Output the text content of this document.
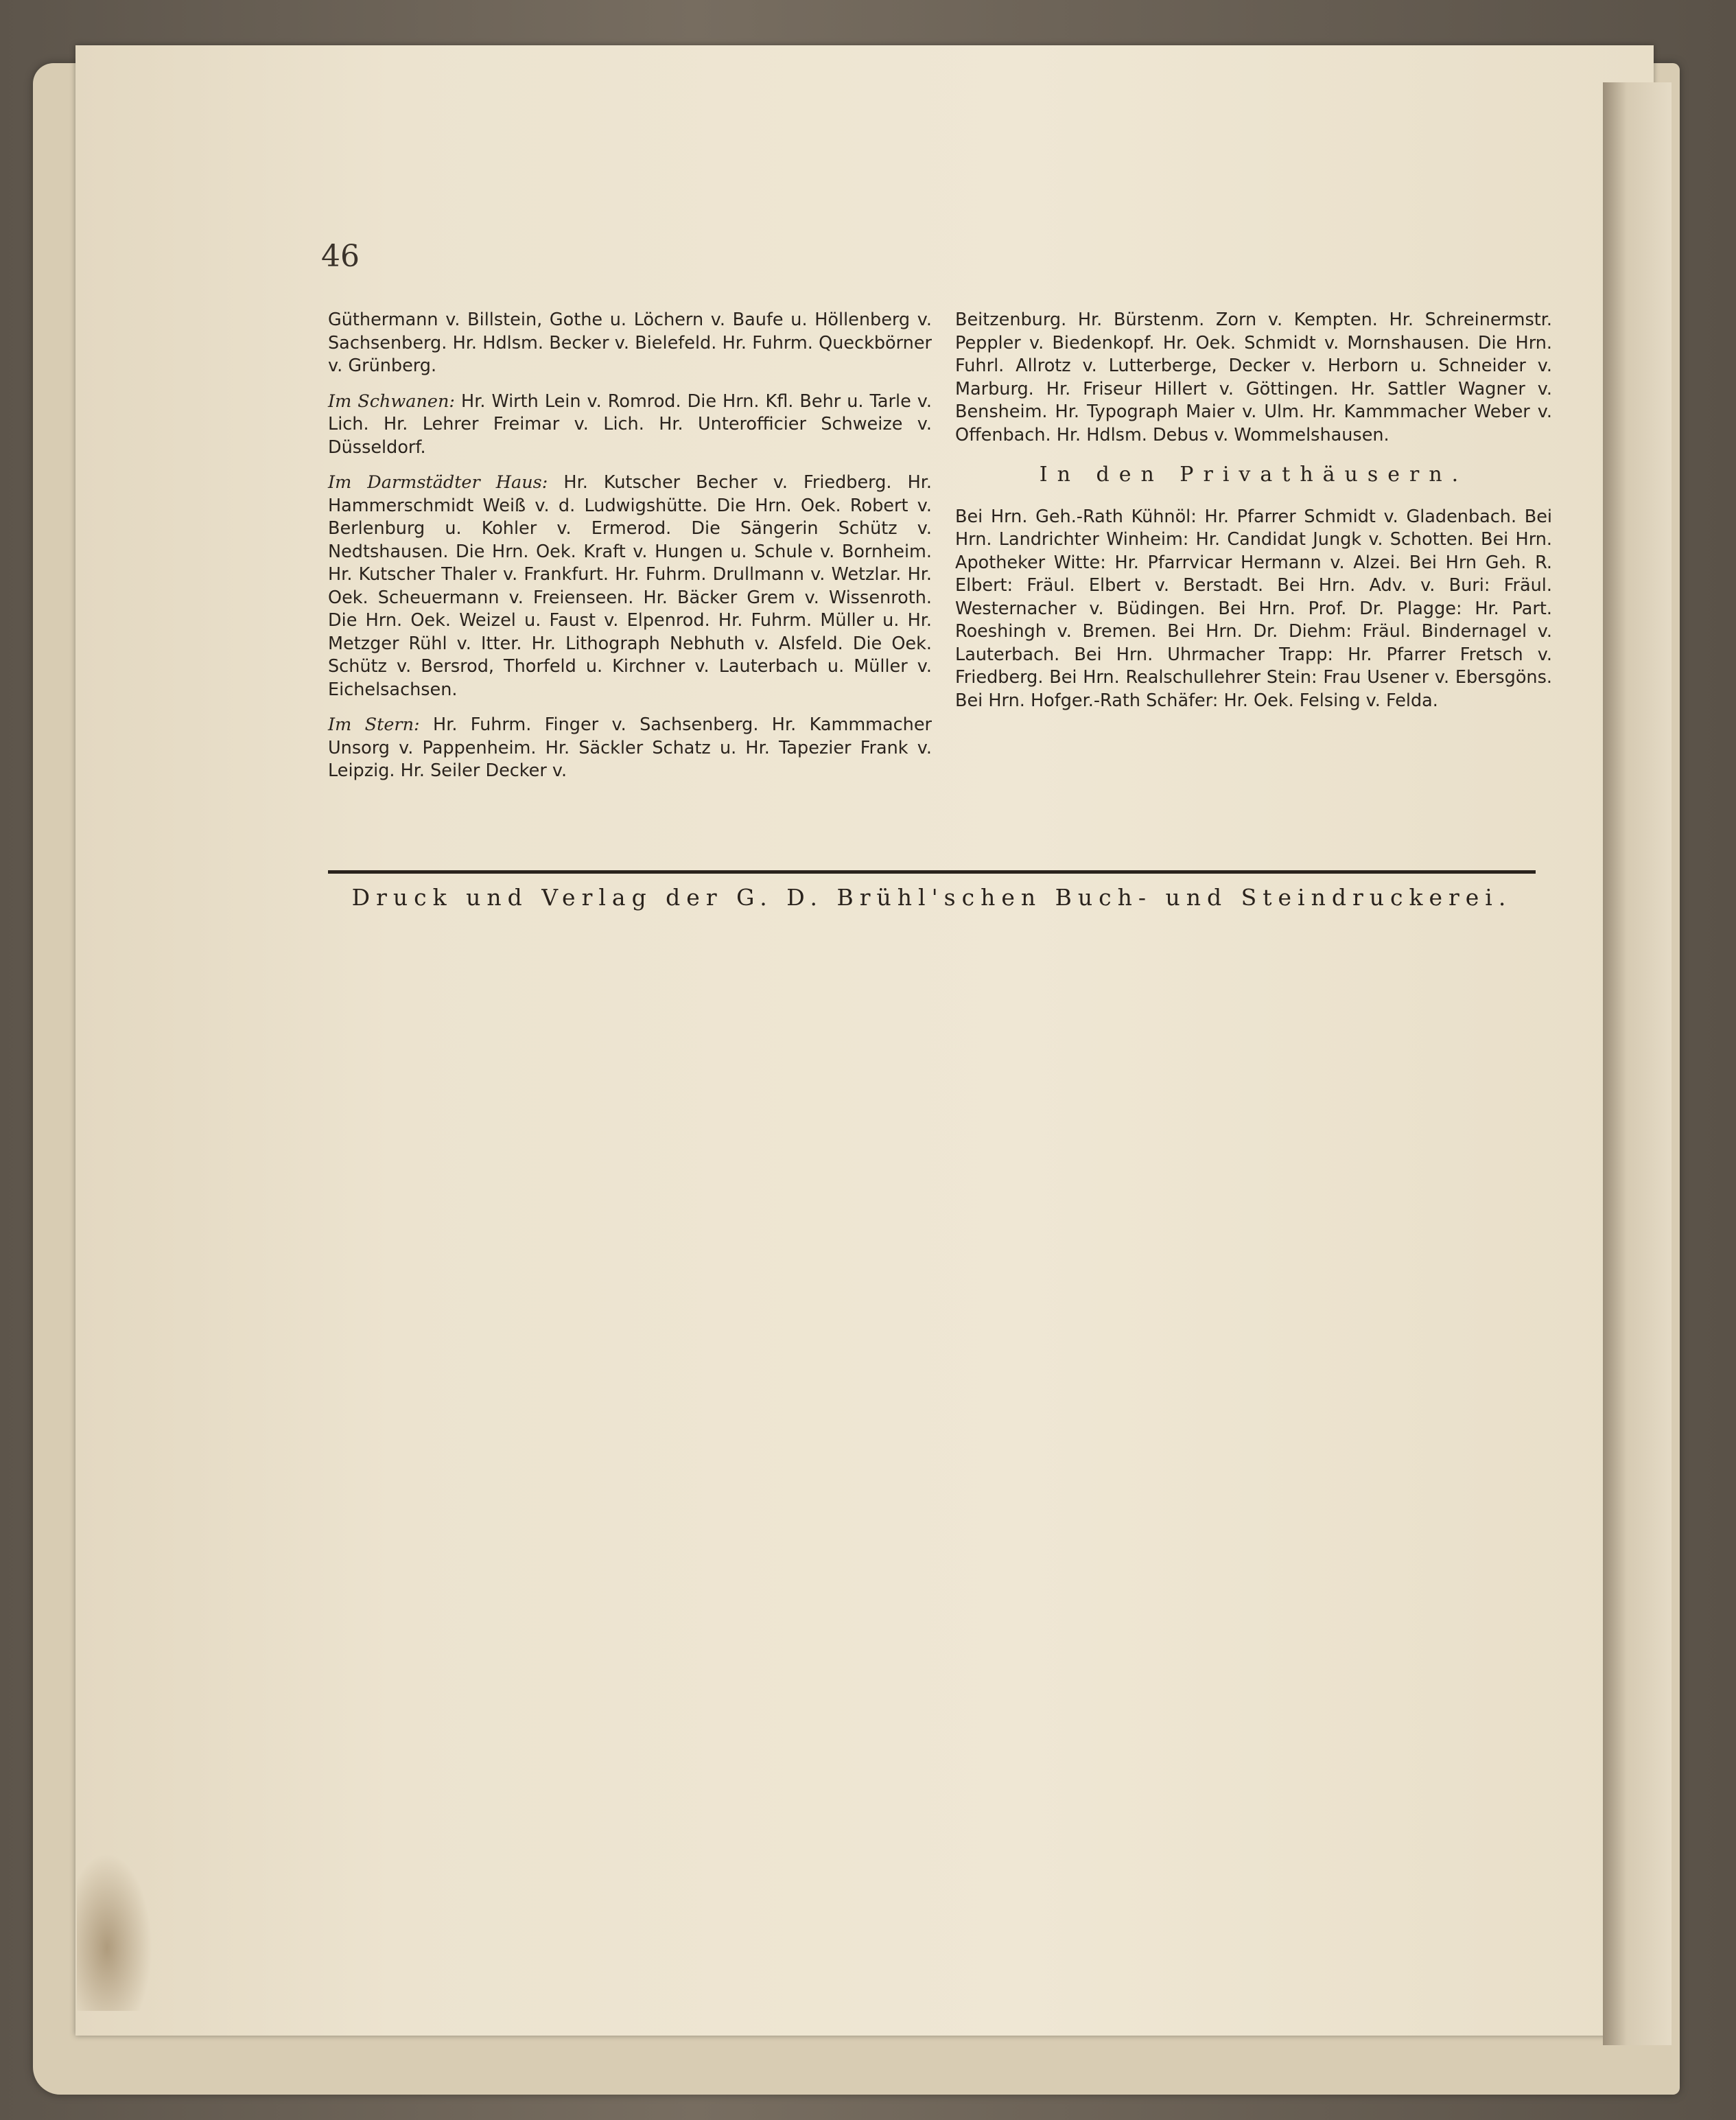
46

Güthermann v. Billstein, Gothe u. Löchern v. Baufe u. Höllenberg v. Sachsenberg. Hr. Hdlsm. Becker v. Bielefeld. Hr. Fuhrm. Queckbörner v. Grünberg.

Im Schwanen: Hr. Wirth Lein v. Romrod. Die Hrn. Kfl. Behr u. Tarle v. Lich. Hr. Lehrer Freimar v. Lich. Hr. Unterofficier Schweize v. Düsseldorf.

Im Darmstädter Haus: Hr. Kutscher Becher v. Friedberg. Hr. Hammerschmidt Weiß v. d. Ludwigshütte. Die Hrn. Oek. Robert v. Berlenburg u. Kohler v. Ermerod. Die Sängerin Schütz v. Nedtshausen. Die Hrn. Oek. Kraft v. Hungen u. Schule v. Bornheim. Hr. Kutscher Thaler v. Frankfurt. Hr. Fuhrm. Drullmann v. Wetzlar. Hr. Oek. Scheuermann v. Freienseen. Hr. Bäcker Grem v. Wissenroth. Die Hrn. Oek. Weizel u. Faust v. Elpenrod. Hr. Fuhrm. Müller u. Hr. Metzger Rühl v. Itter. Hr. Lithograph Nebhuth v. Alsfeld. Die Oek. Schütz v. Bersrod, Thorfeld u. Kirchner v. Lauterbach u. Müller v. Eichelsachsen.

Im Stern: Hr. Fuhrm. Finger v. Sachsenberg. Hr. Kammmacher Unsorg v. Pappenheim. Hr. Säckler Schatz u. Hr. Tapezier Frank v. Leipzig. Hr. Seiler Decker v.

Beitzenburg. Hr. Bürstenm. Zorn v. Kempten. Hr. Schreinermstr. Peppler v. Biedenkopf. Hr. Oek. Schmidt v. Mornshausen. Die Hrn. Fuhrl. Allrotz v. Lutterberge, Decker v. Herborn u. Schneider v. Marburg. Hr. Friseur Hillert v. Göttingen. Hr. Sattler Wagner v. Bensheim. Hr. Typograph Maier v. Ulm. Hr. Kammmacher Weber v. Offenbach. Hr. Hdlsm. Debus v. Wommelshausen.

In den Privathäusern.

Bei Hrn. Geh.-Rath Kühnöl: Hr. Pfarrer Schmidt v. Gladenbach. Bei Hrn. Landrichter Winheim: Hr. Candidat Jungk v. Schotten. Bei Hrn. Apotheker Witte: Hr. Pfarrvicar Hermann v. Alzei. Bei Hrn Geh. R. Elbert: Fräul. Elbert v. Berstadt. Bei Hrn. Adv. v. Buri: Fräul. Westernacher v. Büdingen. Bei Hrn. Prof. Dr. Plagge: Hr. Part. Roeshingh v. Bremen. Bei Hrn. Dr. Diehm: Fräul. Bindernagel v. Lauterbach. Bei Hrn. Uhrmacher Trapp: Hr. Pfarrer Fretsch v. Friedberg. Bei Hrn. Realschullehrer Stein: Frau Usener v. Ebersgöns. Bei Hrn. Hofger.-Rath Schäfer: Hr. Oek. Felsing v. Felda.

Druck und Verlag der G. D. Brühl'schen Buch- und Steindruckerei.
